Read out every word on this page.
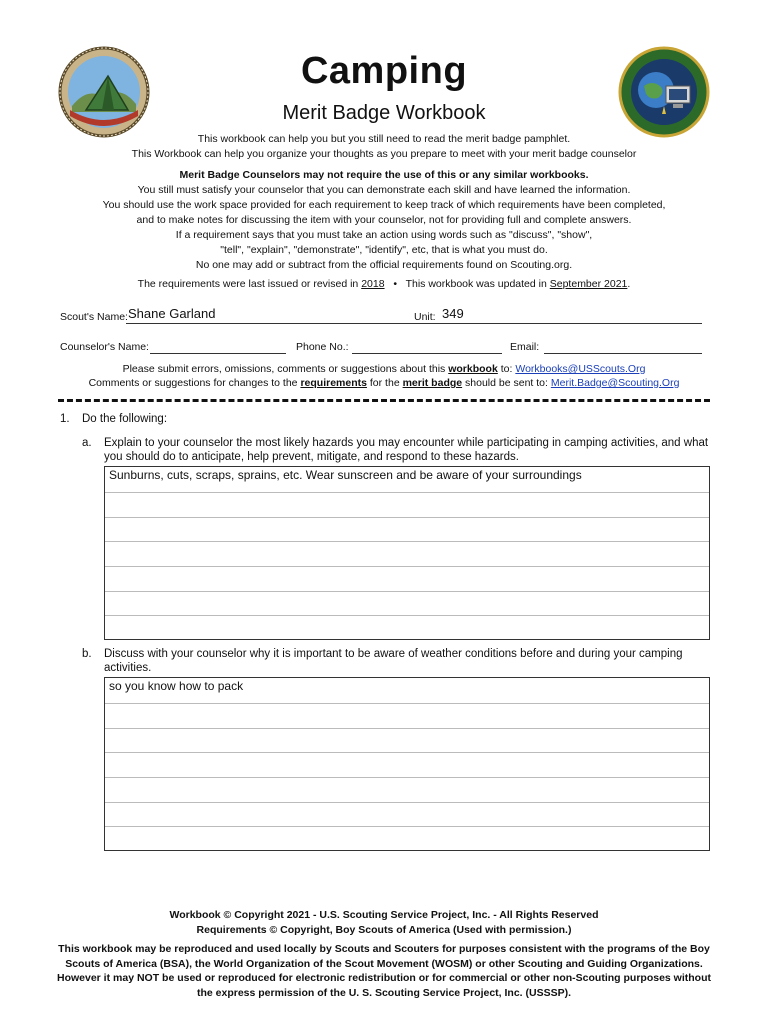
Camping
Merit Badge Workbook
This workbook can help you but you still need to read the merit badge pamphlet.
This Workbook can help you organize your thoughts as you prepare to meet with your merit badge counselor
Merit Badge Counselors may not require the use of this or any similar workbooks.
You still must satisfy your counselor that you can demonstrate each skill and have learned the information.
You should use the work space provided for each requirement to keep track of which requirements have been completed,
and to make notes for discussing the item with your counselor, not for providing full and complete answers.
If a requirement says that you must take an action using words such as "discuss", "show",
"tell", "explain", "demonstrate", "identify", etc, that is what you must do.
No one may add or subtract from the official requirements found on Scouting.org.
The requirements were last issued or revised in 2018 • This workbook was updated in September 2021.
Scout's Name: Shane Garland	Unit: 349
Counselor's Name:	Phone No.:	Email:
Please submit errors, omissions, comments or suggestions about this workbook to: Workbooks@USScouts.Org
Comments or suggestions for changes to the requirements for the merit badge should be sent to: Merit.Badge@Scouting.Org
1. Do the following:
a. Explain to your counselor the most likely hazards you may encounter while participating in camping activities, and what
you should do to anticipate, help prevent, mitigate, and respond to these hazards.
Sunburns, cuts, scraps, sprains, etc. Wear sunscreen and be aware of your surroundings
b. Discuss with your counselor why it is important to be aware of weather conditions before and during your camping
activities.
so you know how to pack
Workbook © Copyright 2021 - U.S. Scouting Service Project, Inc. - All Rights Reserved
Requirements © Copyright, Boy Scouts of America (Used with permission.)
This workbook may be reproduced and used locally by Scouts and Scouters for purposes consistent with the programs of the Boy
Scouts of America (BSA), the World Organization of the Scout Movement (WOSM) or other Scouting and Guiding Organizations.
However it may NOT be used or reproduced for electronic redistribution or for commercial or other non-Scouting purposes without
the express permission of the U. S. Scouting Service Project, Inc. (USSSP).
